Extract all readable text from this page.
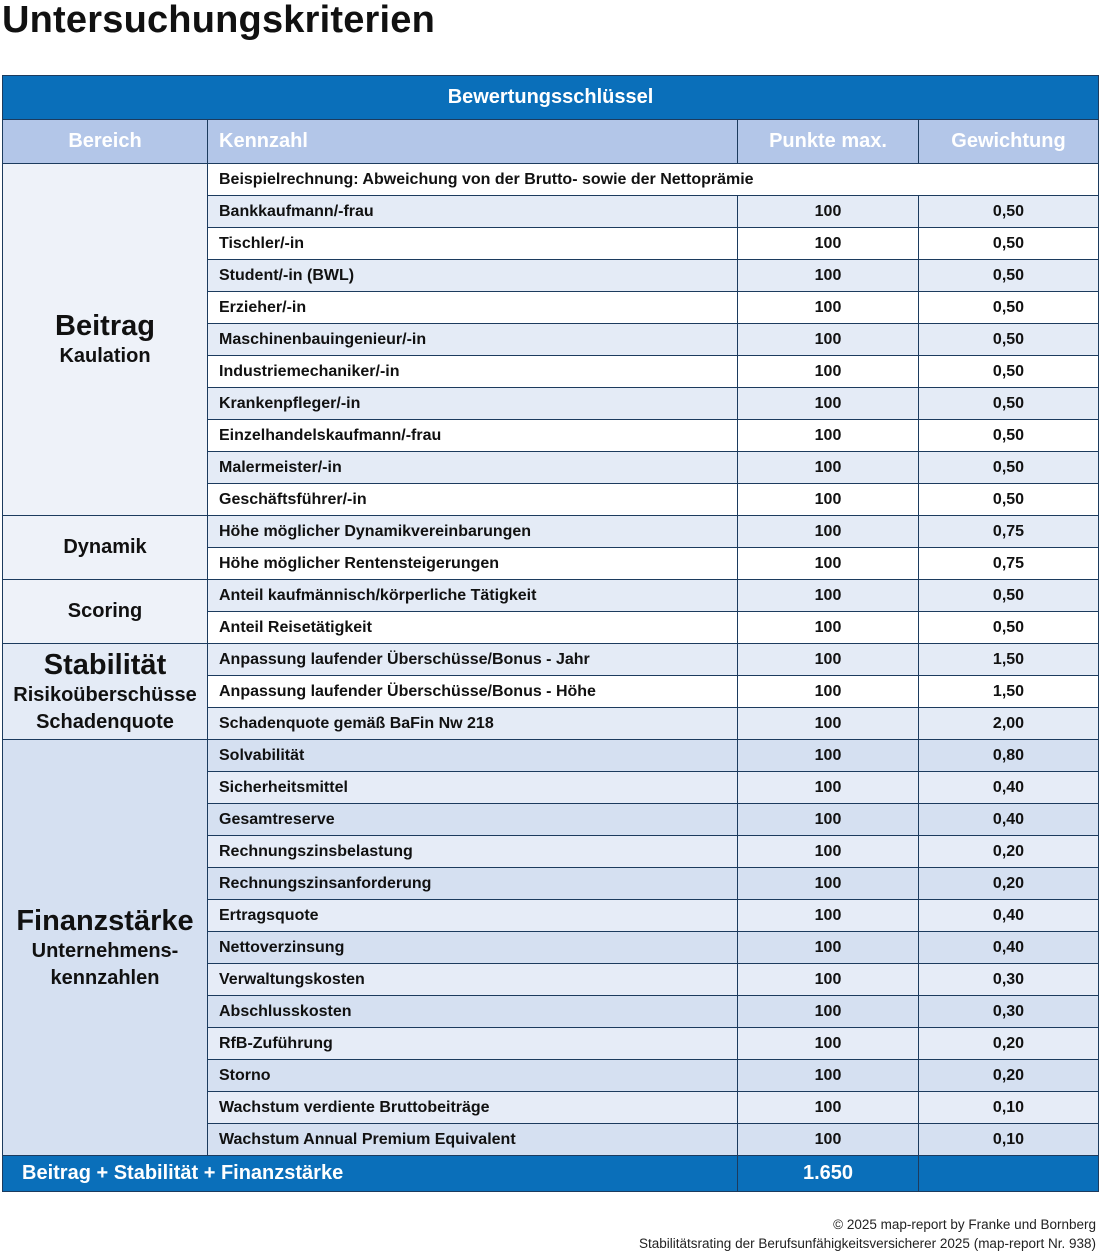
Untersuchungskriterien
Bewertungsschlüssel			
Bereich	Kennzahl	Punkte max.	Gewichtung

Beitrag
Kaulation	Beispielrechnung: Abweichung von der Brutto- sowie der Nettoprämie		
	Bankkaufmann/-frau	100	0,50
	Tischler/-in	100	0,50
	Student/-in (BWL)	100	0,50
	Erzieher/-in	100	0,50
	Maschinenbauingenieur/-in	100	0,50
	Industriemechaniker/-in	100	0,50
	Krankenpfleger/-in	100	0,50
	Einzelhandelskaufmann/-frau	100	0,50
	Malermeister/-in	100	0,50
	Geschäftsführer/-in	100	0,50

Dynamik	Höhe möglicher Dynamikvereinbarungen	100	0,75
	Höhe möglicher Rentensteigerungen	100	0,75

Scoring	Anteil kaufmännisch/körperliche Tätigkeit	100	0,50
	Anteil Reisetätigkeit	100	0,50

Stabilität
Risikoüberschüsse
Schadenquote	Anpassung laufender Überschüsse/Bonus - Jahr	100	1,50
	Anpassung laufender Überschüsse/Bonus - Höhe	100	1,50
	Schadenquote gemäß BaFin Nw 218	100	2,00

Finanzstärke
Unternehmens-
kennzahlen	Solvabilität	100	0,80
	Sicherheitsmittel	100	0,40
	Gesamtreserve	100	0,40
	Rechnungszinsbelastung	100	0,20
	Rechnungszinsanforderung	100	0,20
	Ertragsquote	100	0,40
	Nettoverzinsung	100	0,40
	Verwaltungskosten	100	0,30
	Abschlusskosten	100	0,30
	RfB-Zuführung	100	0,20
	Storno	100	0,20
	Wachstum verdiente Bruttobeiträge	100	0,10
	Wachstum Annual Premium Equivalent	100	0,10
Beitrag + Stabilität + Finanzstärke		1.650	
© 2025 map-report by Franke und Bornberg
Stabilitätsrating der Berufsunfähigkeitsversicherer 2025 (map-report Nr. 938)
